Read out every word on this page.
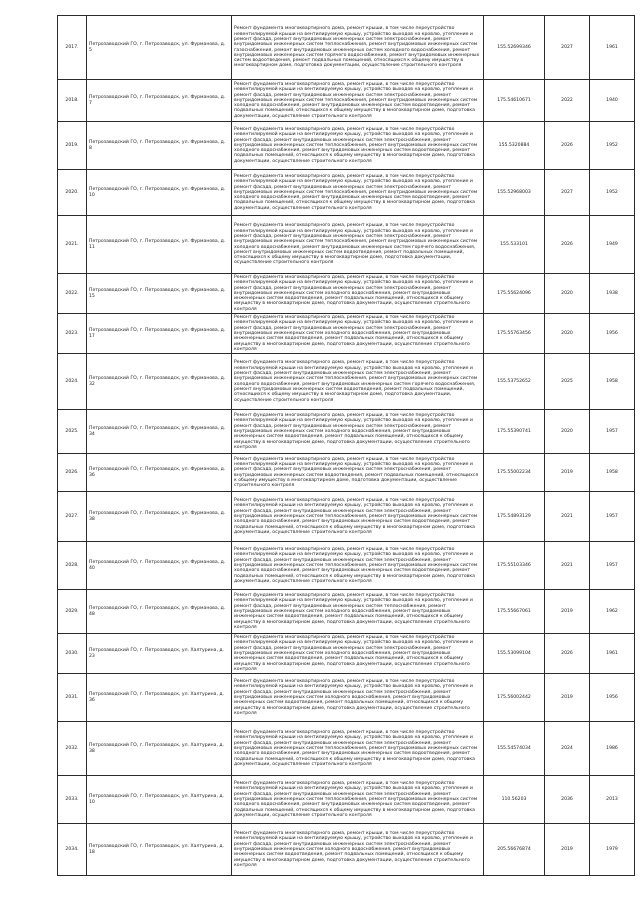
2017.	Петрозаводский ГО, г. Петрозаводск, ул. Фурманова, д. 5	Ремонт фундамента многоквартирного дома, ремонт крыши, в том числе переустройство невентилируемой крыши на вентилируемую крышу, устройство выходов на кровлю, утепление и ремонт фасада, ремонт внутридомовых инженерных систем электроснабжения, ремонт внутридомовых инженерных систем теплоснабжения, ремонт внутридомовых инженерных систем газоснабжения, ремонт внутридомовых инженерных систем холодного водоснабжения, ремонт внутридомовых инженерных систем горячего водоснабжения, ремонт внутридомовых инженерных систем водоотведения, ремонт подвальных помещений, относящихся к общему имуществу в многоквартирном доме, подготовка документации, осуществление строительного контроля	155.52699346	2027	1961
2018.	Петрозаводский ГО, г. Петрозаводск, ул. Фурманова, д. 7	Ремонт фундамента многоквартирного дома, ремонт крыши, в том числе переустройство невентилируемой крыши на вентилируемую крышу, устройство выходов на кровлю, утепление и ремонт фасада, ремонт внутридомовых инженерных систем электроснабжения, ремонт внутридомовых инженерных систем теплоснабжения, ремонт внутридомовых инженерных систем холодного водоснабжения, ремонт внутридомовых инженерных систем водоотведения, ремонт подвальных помещений, относящихся к общему имуществу в многоквартирном доме, подготовка документации, осуществление строительного контроля	175.54610671	2022	1940
2019.	Петрозаводский ГО, г. Петрозаводск, ул. Фурманова, д. 8	Ремонт фундамента многоквартирного дома, ремонт крыши, в том числе переустройство невентилируемой крыши на вентилируемую крышу, устройство выходов на кровлю, утепление и ремонт фасада, ремонт внутридомовых инженерных систем электроснабжения, ремонт внутридомовых инженерных систем теплоснабжения, ремонт внутридомовых инженерных систем холодного водоснабжения, ремонт внутридомовых инженерных систем водоотведения, ремонт подвальных помещений, относящихся к общему имуществу в многоквартирном доме, подготовка документации, осуществление строительного контроля	155.5320884	2026	1952
2020.	Петрозаводский ГО, г. Петрозаводск, ул. Фурманова, д. 10	Ремонт фундамента многоквартирного дома, ремонт крыши, в том числе переустройство невентилируемой крыши на вентилируемую крышу, устройство выходов на кровлю, утепление и ремонт фасада, ремонт внутридомовых инженерных систем электроснабжения, ремонт внутридомовых инженерных систем теплоснабжения, ремонт внутридомовых инженерных систем холодного водоснабжения, ремонт внутридомовых инженерных систем водоотведения, ремонт подвальных помещений, относящихся к общему имуществу в многоквартирном доме, подготовка документации, осуществление строительного контроля	155.52968003	2027	1952
2021.	Петрозаводский ГО, г. Петрозаводск, ул. Фурманова, д. 11	Ремонт фундамента многоквартирного дома, ремонт крыши, в том числе переустройство невентилируемой крыши на вентилируемую крышу, устройство выходов на кровлю, утепление и ремонт фасада, ремонт внутридомовых инженерных систем электроснабжения, ремонт внутридомовых инженерных систем теплоснабжения, ремонт внутридомовых инженерных систем холодного водоснабжения, ремонт внутридомовых инженерных систем горячего водоснабжения, ремонт внутридомовых инженерных систем водоотведения, ремонт подвальных помещений, относящихся к общему имуществу в многоквартирном доме, подготовка документации, осуществление строительного контроля	155.533101	2026	1949
2022.	Петрозаводский ГО, г. Петрозаводск, ул. Фурманова, д. 15	Ремонт фундамента многоквартирного дома, ремонт крыши, в том числе переустройство невентилируемой крыши на вентилируемую крышу, устройство выходов на кровлю, утепление и ремонт фасада, ремонт внутридомовых инженерных систем электроснабжения, ремонт внутридомовых инженерных систем холодного водоснабжения, ремонт внутридомовых инженерных систем водоотведения, ремонт подвальных помещений, относящихся к общему имуществу в многоквартирном доме, подготовка документации, осуществление строительного контроля	175.55624096	2020	1938
2023.	Петрозаводский ГО, г. Петрозаводск, ул. Фурманова, д. 17	Ремонт фундамента многоквартирного дома, ремонт крыши, в том числе переустройство невентилируемой крыши на вентилируемую крышу, устройство выходов на кровлю, утепление и ремонт фасада, ремонт внутридомовых инженерных систем электроснабжения, ремонт внутридомовых инженерных систем холодного водоснабжения, ремонт внутридомовых инженерных систем водоотведения, ремонт подвальных помещений, относящихся к общему имуществу в многоквартирном доме, подготовка документации, осуществление строительного контроля	175.55763456	2020	1956
2024.	Петрозаводский ГО, г. Петрозаводск, ул. Фурманова, д. 32	Ремонт фундамента многоквартирного дома, ремонт крыши, в том числе переустройство невентилируемой крыши на вентилируемую крышу, устройство выходов на кровлю, утепление и ремонт фасада, ремонт внутридомовых инженерных систем электроснабжения, ремонт внутридомовых инженерных систем теплоснабжения, ремонт внутридомовых инженерных систем холодного водоснабжения, ремонт внутридомовых инженерных систем горячего водоснабжения, ремонт внутридомовых инженерных систем водоотведения, ремонт подвальных помещений, относящихся к общему имуществу в многоквартирном доме, подготовка документации, осуществление строительного контроля	155.53752652	2025	1958
2025.	Петрозаводский ГО, г. Петрозаводск, ул. Фурманова, д. 34	Ремонт фундамента многоквартирного дома, ремонт крыши, в том числе переустройство невентилируемой крыши на вентилируемую крышу, устройство выходов на кровлю, утепление и ремонт фасада, ремонт внутридомовых инженерных систем электроснабжения, ремонт внутридомовых инженерных систем холодного водоснабжения, ремонт внутридомовых инженерных систем водоотведения, ремонт подвальных помещений, относящихся к общему имуществу в многоквартирном доме, подготовка документации, осуществление строительного контроля	175.55390741	2020	1957
2026.	Петрозаводский ГО, г. Петрозаводск, ул. Фурманова, д. 36	Ремонт фундамента многоквартирного дома, ремонт крыши, в том числе переустройство невентилируемой крыши на вентилируемую крышу, устройство выходов на кровлю, утепление и ремонт фасада, ремонт внутридомовых инженерных систем электроснабжения, ремонт внутридомовых инженерных систем водоотведения, ремонт подвальных помещений, относящихся к общему имуществу в многоквартирном доме, подготовка документации, осуществление строительного контроля	175.55002234	2019	1958
2027.	Петрозаводский ГО, г. Петрозаводск, ул. Фурманова, д. 38	Ремонт фундамента многоквартирного дома, ремонт крыши, в том числе переустройство невентилируемой крыши на вентилируемую крышу, устройство выходов на кровлю, утепление и ремонт фасада, ремонт внутридомовых инженерных систем электроснабжения, ремонт внутридомовых инженерных систем теплоснабжения, ремонт внутридомовых инженерных систем холодного водоснабжения, ремонт внутридомовых инженерных систем водоотведения, ремонт подвальных помещений, относящихся к общему имуществу в многоквартирном доме, подготовка документации, осуществление строительного контроля	175.54893129	2021	1957
2028.	Петрозаводский ГО, г. Петрозаводск, ул. Фурманова, д. 40	Ремонт фундамента многоквартирного дома, ремонт крыши, в том числе переустройство невентилируемой крыши на вентилируемую крышу, устройство выходов на кровлю, утепление и ремонт фасада, ремонт внутридомовых инженерных систем электроснабжения, ремонт внутридомовых инженерных систем теплоснабжения, ремонт внутридомовых инженерных систем холодного водоснабжения, ремонт внутридомовых инженерных систем водоотведения, ремонт подвальных помещений, относящихся к общему имуществу в многоквартирном доме, подготовка документации, осуществление строительного контроля	175.55103346	2021	1957
2029.	Петрозаводский ГО, г. Петрозаводск, ул. Фурманова, д. 48	Ремонт фундамента многоквартирного дома, ремонт крыши, в том числе переустройство невентилируемой крыши на вентилируемую крышу, устройство выходов на кровлю, утепление и ремонт фасада, ремонт внутридомовых инженерных систем теплоснабжения, ремонт внутридомовых инженерных систем холодного водоснабжения, ремонт внутридомовых инженерных систем водоотведения, ремонт подвальных помещений, относящихся к общему имуществу в многоквартирном доме, подготовка документации, осуществление строительного контроля	175.55667061	2019	1962
2030.	Петрозаводский ГО, г. Петрозаводск, ул. Халтурина, д. 23	Ремонт фундамента многоквартирного дома, ремонт крыши, в том числе переустройство невентилируемой крыши на вентилируемую крышу, устройство выходов на кровлю, утепление и ремонт фасада, ремонт внутридомовых инженерных систем электроснабжения, ремонт внутридомовых инженерных систем холодного водоснабжения, ремонт внутридомовых инженерных систем водоотведения, ремонт подвальных помещений, относящихся к общему имуществу в многоквартирном доме, подготовка документации, осуществление строительного контроля	155.53099104	2026	1961
2031.	Петрозаводский ГО, г. Петрозаводск, ул. Халтурина, д. 36	Ремонт фундамента многоквартирного дома, ремонт крыши, в том числе переустройство невентилируемой крыши на вентилируемую крышу, устройство выходов на кровлю, утепление и ремонт фасада, ремонт внутридомовых инженерных систем электроснабжения, ремонт внутридомовых инженерных систем холодного водоснабжения, ремонт внутридомовых инженерных систем водоотведения, ремонт подвальных помещений, относящихся к общему имуществу в многоквартирном доме, подготовка документации, осуществление строительного контроля	175.56002442	2019	1956
2032.	Петрозаводский ГО, г. Петрозаводск, ул. Халтурина, д. 38	Ремонт фундамента многоквартирного дома, ремонт крыши, в том числе переустройство невентилируемой крыши на вентилируемую крышу, устройство выходов на кровлю, утепление и ремонт фасада, ремонт внутридомовых инженерных систем электроснабжения, ремонт внутридомовых инженерных систем теплоснабжения, ремонт внутридомовых инженерных систем холодного водоснабжения, ремонт внутридомовых инженерных систем водоотведения, ремонт подвальных помещений, относящихся к общему имуществу в многоквартирном доме, подготовка документации, осуществление строительного контроля	155.54574034	2024	1986
2033.	Петрозаводский ГО, г. Петрозаводск, ул. Халтурина, д. 10	Ремонт фундамента многоквартирного дома, ремонт крыши, в том числе переустройство невентилируемой крыши на вентилируемую крышу, устройство выходов на кровлю, утепление и ремонт фасада, ремонт внутридомовых инженерных систем электроснабжения, ремонт внутридомовых инженерных систем теплоснабжения, ремонт внутридомовых инженерных систем холодного водоснабжения, ремонт внутридомовых инженерных систем водоотведения, ремонт подвальных помещений, относящихся к общему имуществу в многоквартирном доме, подготовка документации, осуществление строительного контроля	110.56203	2036	2013
2034.	Петрозаводский ГО, г. Петрозаводск, ул. Халтурина, д. 18	Ремонт фундамента многоквартирного дома, ремонт крыши, в том числе переустройство невентилируемой крыши на вентилируемую крышу, устройство выходов на кровлю, утепление и ремонт фасада, ремонт внутридомовых инженерных систем электроснабжения, ремонт внутридомовых инженерных систем холодного водоснабжения, ремонт внутридомовых инженерных систем водоотведения, ремонт подвальных помещений, относящихся к общему имуществу в многоквартирном доме, подготовка документации, осуществление строительного контроля	205.56676874	2019	1979
